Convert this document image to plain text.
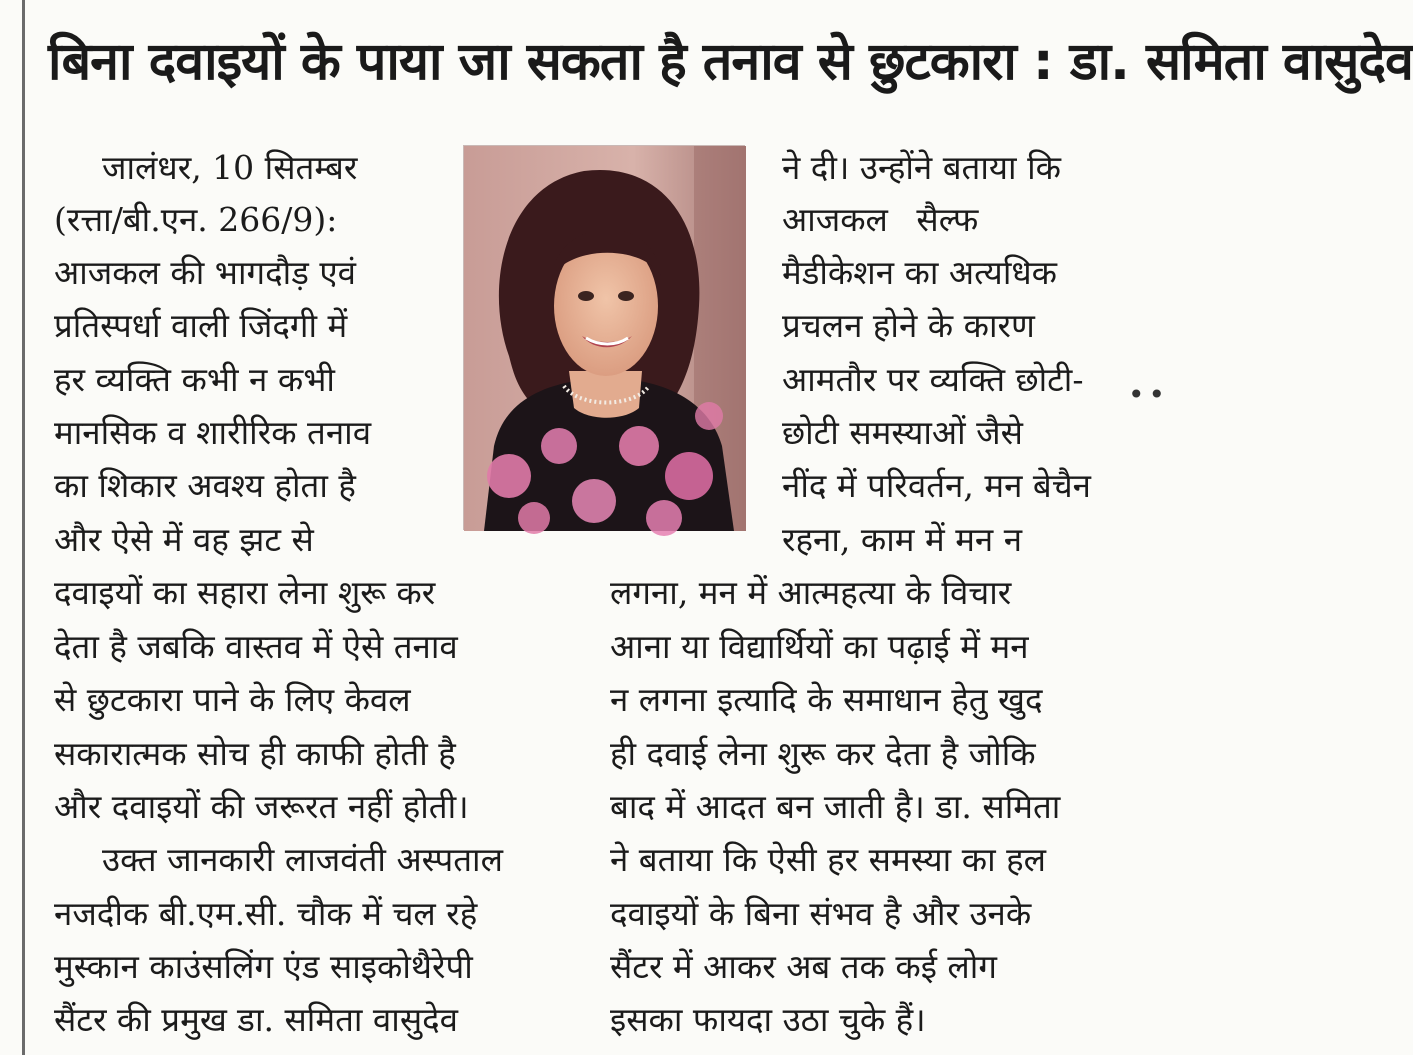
बिना दवाइयों के पाया जा सकता है तनाव से छुटकारा : डा. समिता वासुदेव
जालंधर, 10 सितम्बर
(रत्ता/बी.एन. 266/9):
आजकल की भागदौड़ एवं
प्रतिस्पर्धा वाली जिंदगी में
हर व्यक्ति कभी न कभी
मानसिक व शारीरिक तनाव
का शिकार अवश्य होता है
और ऐसे में वह झट से
दवाइयों का सहारा लेना शुरू कर
देता है जबकि वास्तव में ऐसे तनाव
से छुटकारा पाने के लिए केवल
सकारात्मक सोच ही काफी होती है
और दवाइयों की जरूरत नहीं होती।
उक्त जानकारी लाजवंती अस्पताल
नजदीक बी.एम.सी. चौक में चल रहे
मुस्कान काउंसलिंग एंड साइकोथैरेपी
सैंटर की प्रमुख डा. समिता वासुदेव
ने दी। उन्होंने बताया कि
आजकल सैल्फ
मैडीकेशन का अत्यधिक
प्रचलन होने के कारण
आमतौर पर व्यक्ति छोटी-
छोटी समस्याओं जैसे
नींद में परिवर्तन, मन बेचैन
रहना, काम में मन न
लगना, मन में आत्महत्या के विचार
आना या विद्यार्थियों का पढ़ाई में मन
न लगना इत्यादि के समाधान हेतु खुद
ही दवाई लेना शुरू कर देता है जोकि
बाद में आदत बन जाती है। डा. समिता
ने बताया कि ऐसी हर समस्या का हल
दवाइयों के बिना संभव है और उनके
सैंटर में आकर अब तक कई लोग
इसका फायदा उठा चुके हैं।
••
